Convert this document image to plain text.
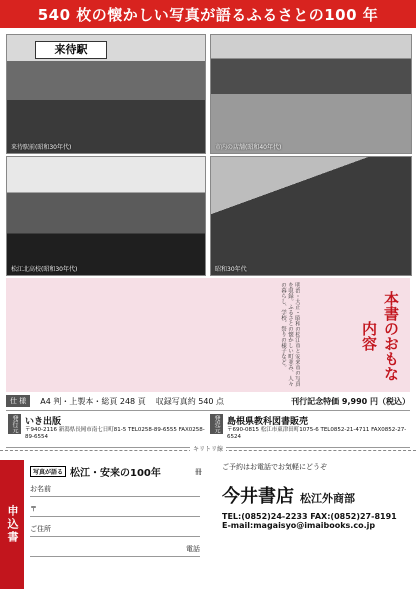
540 枚の懐かしい写真が語るふるさとの100 年
来待駅
来待駅前(昭和30年代)	市内の店舗(昭和40年代)
松江北高校(昭和30年代)	昭和30年代
明治・大正・昭和の松江市と安来市の写真を収録。ふるさとの懐かしい町並み、人々の暮らし、学校、祭りの様子など。	本書のおもな内容
仕 様	A4 判・上製本・総頁 248 頁 収録写真約 540 点	刊行記念特価 9,990 円（税込）
発行元 いき出版
〒940-2116 新潟県長岡市南七日町81-5 TEL0258-89-6555 FAX0258-89-6554
発売元 島根県教科図書販売
〒690-0815 松江市東津田町1075-6 TEL0852-21-4711 FAX0852-27-6524
キリトリ線
申込書
写真が語る 松江・安来の100年	冊
お名前
〒
ご住所
電話
ご予約はお電話でお気軽にどうぞ
今井書店 松江外商部
TEL:(0852)24-2233 FAX:(0852)27-8191
E-mail:magaisyo@imaibooks.co.jp
